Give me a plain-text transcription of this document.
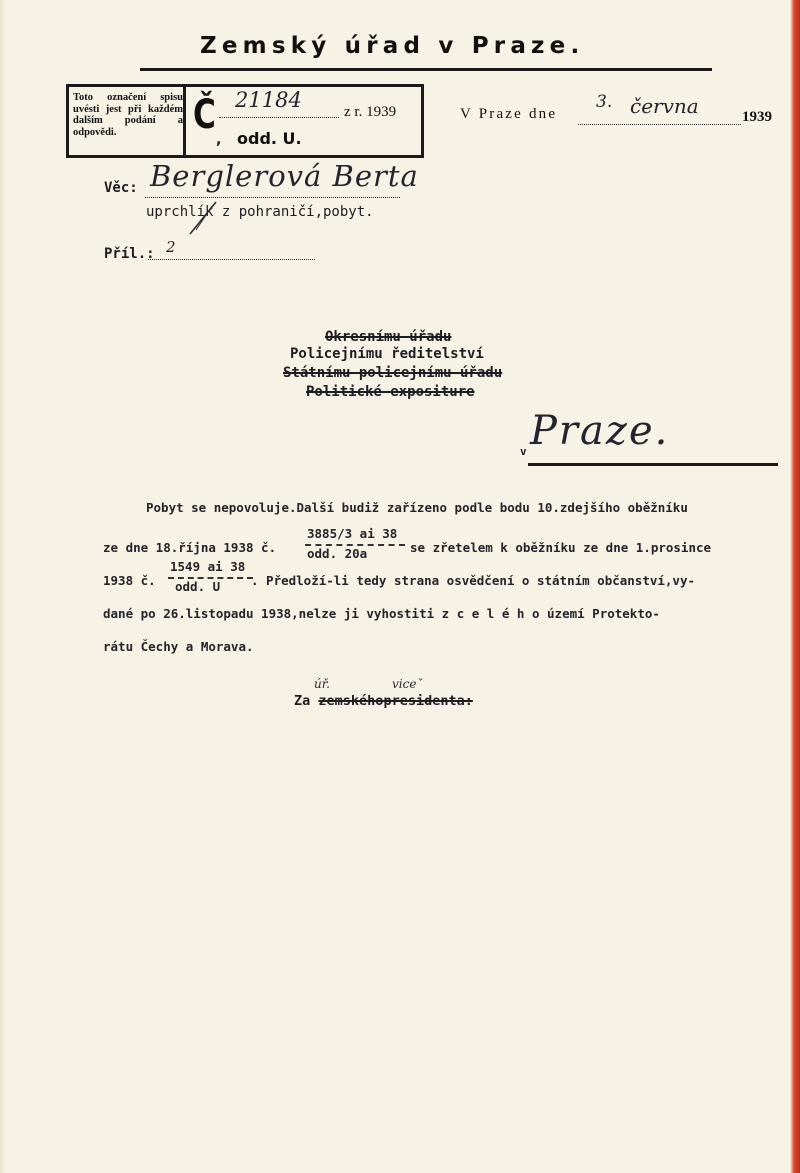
Zemský úřad v Praze.
Toto označení spisu uvésti jest při každém dalším podání a odpovědi.	Č
,
21184	z r. 1939
odd. U.
V Praze dne
3. června	1939
Věc: Berglerová Berta
uprchlík z pohraničí,pobyt.
Příl.: 2
Okresnímu úřadu
Policejnímu ředitelství
Státnímu policejnímu úřadu
Politické expositure
v Praze.
Pobyt se nepovoluje.Další budiž zařízeno podle bodu 10.zdejšího oběžníku
ze dne 18.října 1938 č.
3885/3 ai 38
odd. 20a	se zřetelem k oběžníku ze dne 1.prosince
1938 č.
1549 ai 38
odd. U . Předloží-li tedy strana osvědčení o státním občanství,vy-
dané po 26.listopadu 1938,nelze ji vyhostiti z c e l é h o území Protekto-
rátu Čechy a Morava.
Za zemskéhopresidenta:
úř.	viceˇ
